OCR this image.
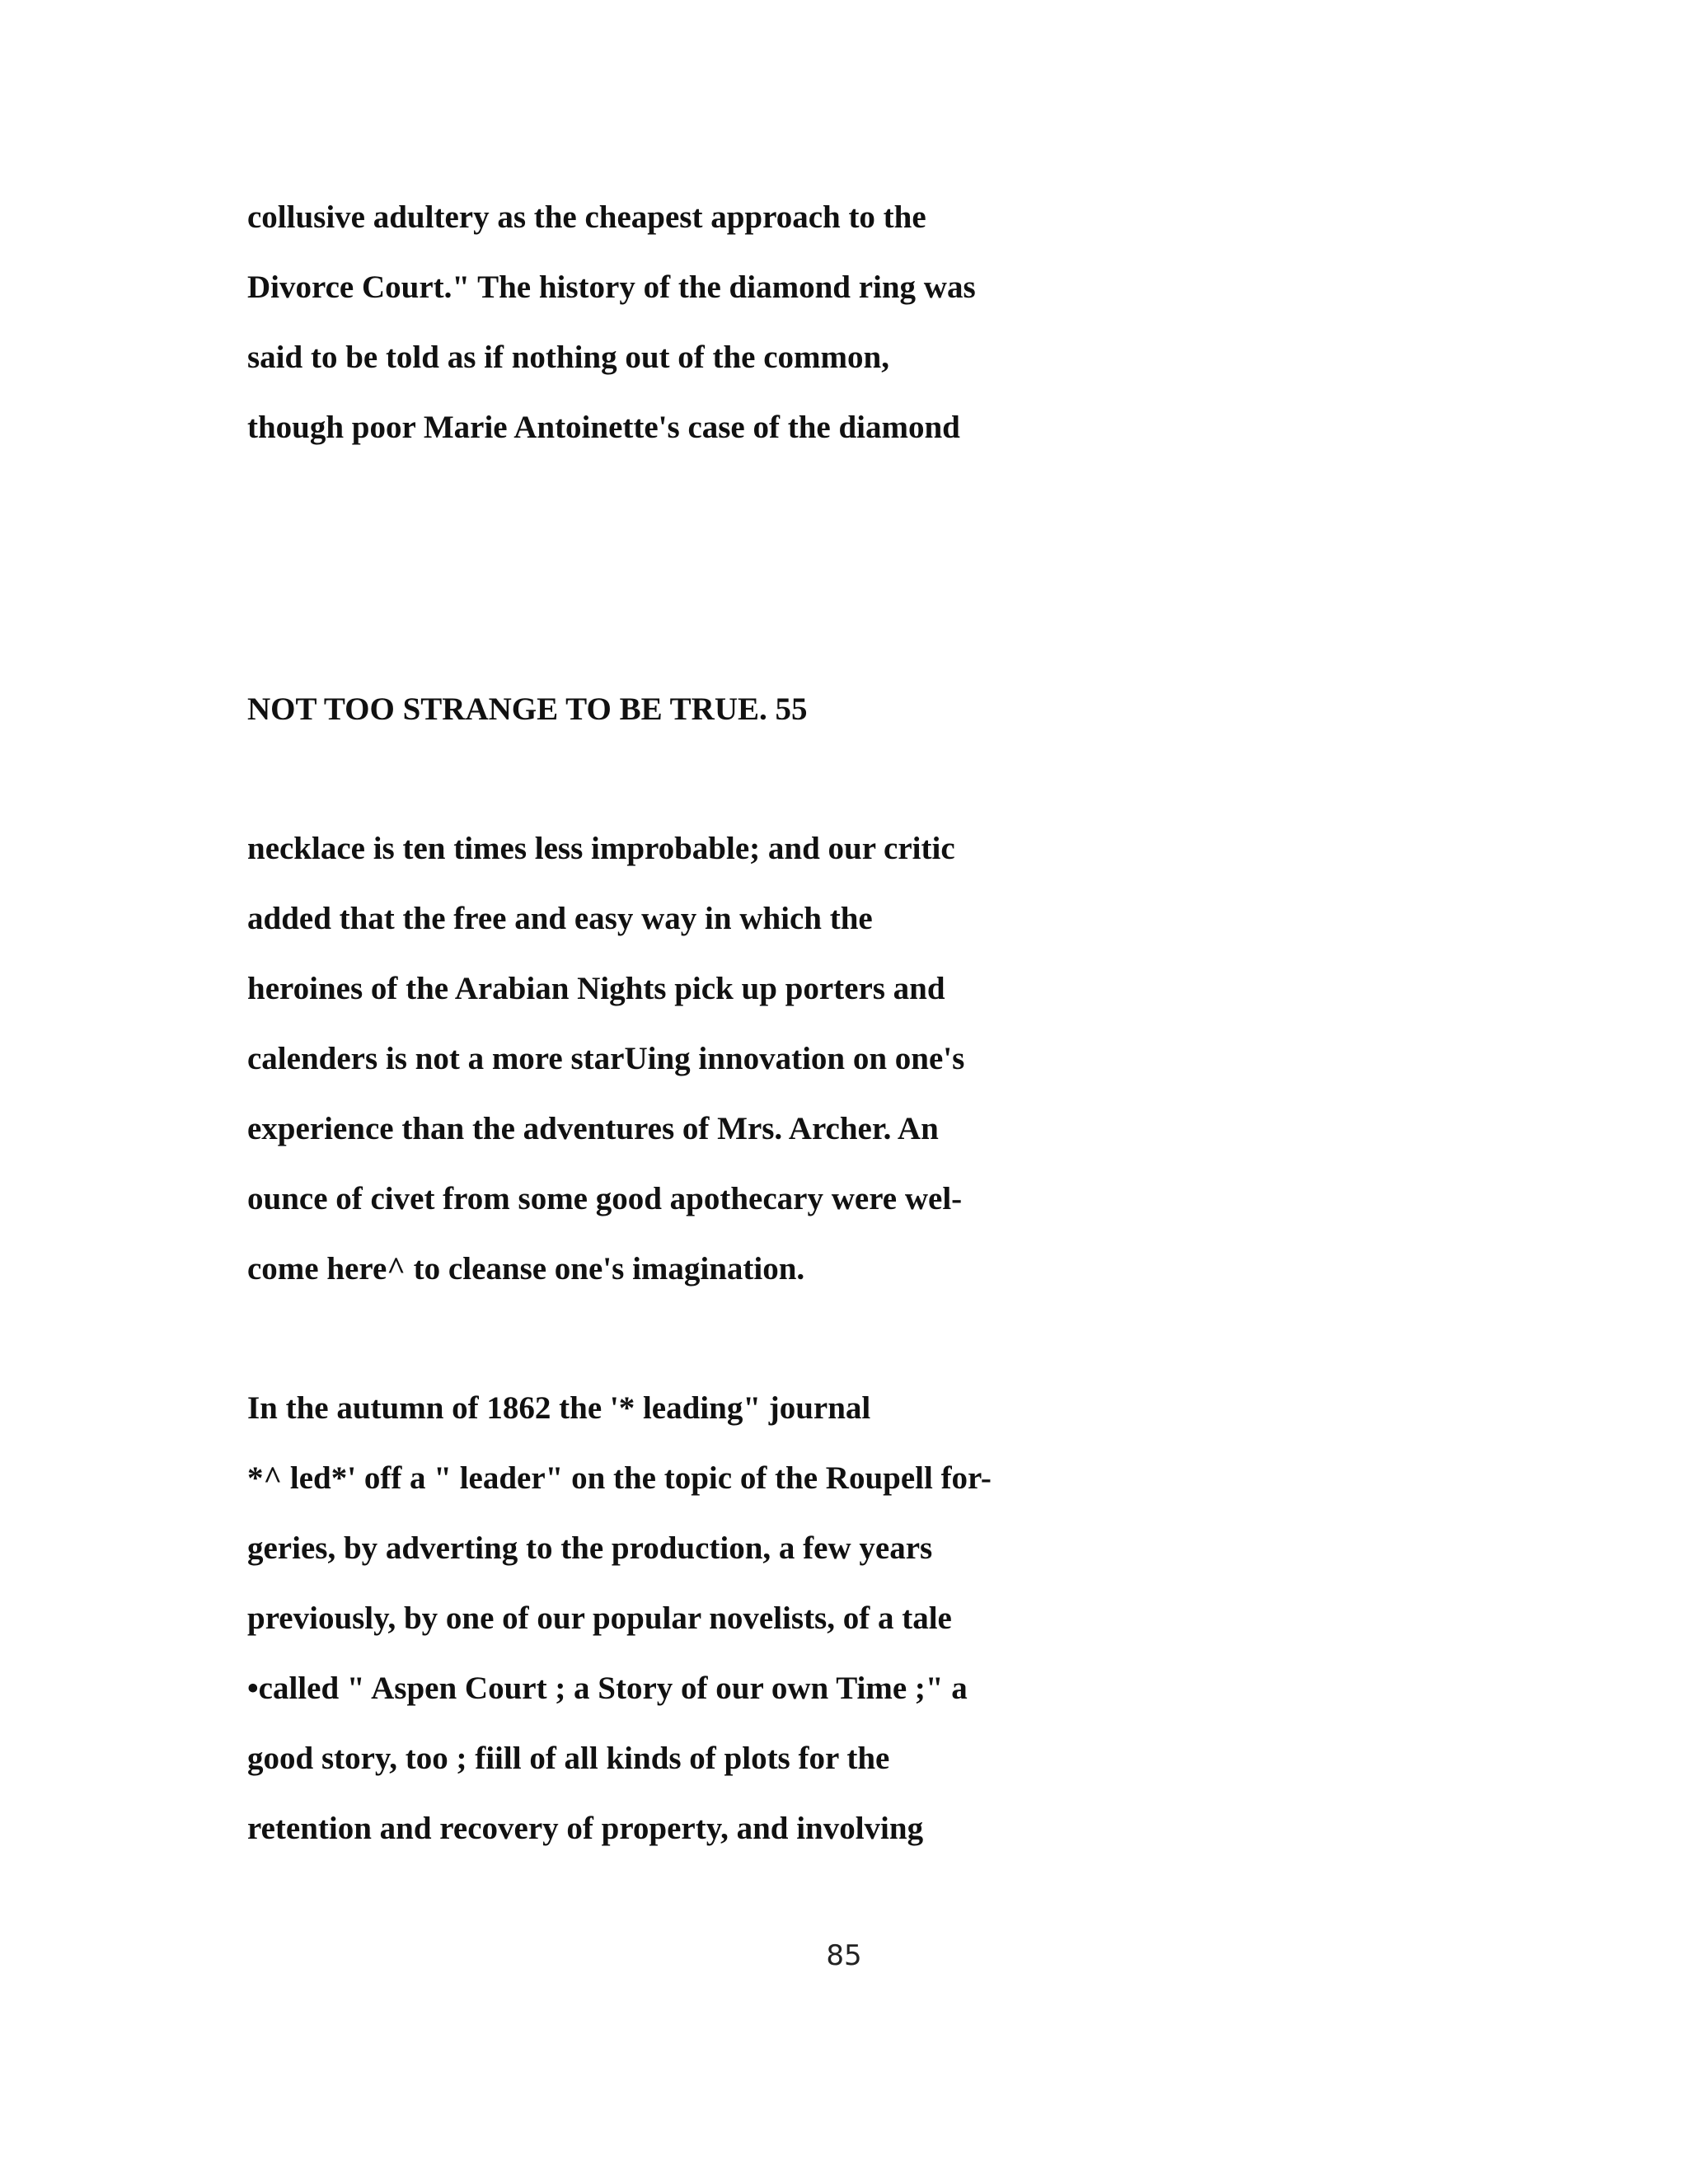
collusive adultery as the cheapest approach to the

Divorce Court." The history of the diamond ring was

said to be told as if nothing out of the common,

though poor Marie Antoinette's case of the diamond

NOT TOO STRANGE TO BE TRUE. 55

necklace is ten times less improbable; and our critic

added that the free and easy way in which the

heroines of the Arabian Nights pick up porters and

calenders is not a more starUing innovation on one's

experience than the adventures of Mrs. Archer. An

ounce of civet from some good apothecary were wel-

come here^ to cleanse one's imagination.

In the autumn of 1862 the '* leading" journal

*^ led*' off a " leader" on the topic of the Roupell for-

geries, by adverting to the production, a few years

previously, by one of our popular novelists, of a tale

•called " Aspen Court ; a Story of our own Time ;" a

good story, too ; fiill of all kinds of plots for the

retention and recovery of property, and involving

85
